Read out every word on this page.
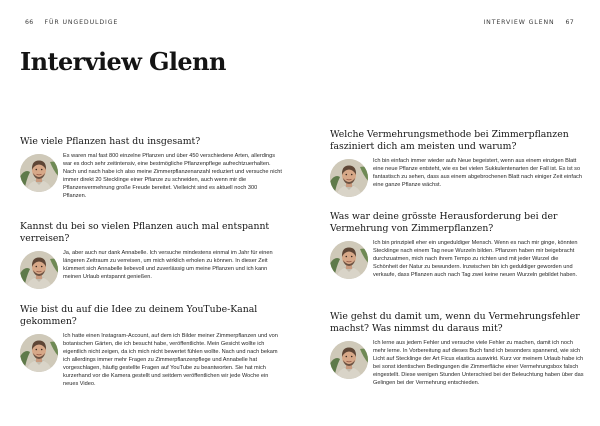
66 FÜR UNGEDULDIGE	INTERVIEW GLENN 67
Interview Glenn
Wie viele Pflanzen hast du insgesamt?

Es waren mal fast 800 einzelne Pflanzen und über 450 verschiedene Arten, allerdings war es doch sehr zeitintensiv, eine bestmögliche Pflanzenpflege aufrechtzuerhalten. Nach und nach habe ich also meine Zimmerpflanzenanzahl reduziert und versuche nicht immer direkt 20 Stecklinge einer Pflanze zu schneiden, auch wenn mir die Pflanzenvermehrung große Freude bereitet. Vielleicht sind es aktuell noch 300 Pflanzen.

Kannst du bei so vielen Pflanzen auch mal entspannt verreisen?

Ja, aber auch nur dank Annabelle. Ich versuche mindestens einmal im Jahr für einen längeren Zeitraum zu verreisen, um mich wirklich erholen zu können. In dieser Zeit kümmert sich Annabelle liebevoll und zuverlässig um meine Pflanzen und ich kann meinen Urlaub entspannt genießen.

Wie bist du auf die Idee zu deinem YouTube-Kanal gekommen?

Ich hatte einen Instagram-Account, auf dem ich Bilder meiner Zimmerpflanzen und von botanischen Gärten, die ich besucht habe, veröffentlichte. Mein Gesicht wollte ich eigentlich nicht zeigen, da ich mich nicht bewertet fühlen wollte. Nach und nach bekam ich allerdings immer mehr Fragen zu Zimmerpflanzenpflege und Annabelle hat vorgeschlagen, häufig gestellte Fragen auf YouTube zu beantworten. Sie hat mich kurzerhand vor die Kamera gestellt und seitdem veröffentlichen wir jede Woche ein neues Video.

Welche Vermehrungsmethode bei Zimmerpflanzen fasziniert dich am meisten und warum?

Ich bin einfach immer wieder aufs Neue begeistert, wenn aus einem einzigen Blatt eine neue Pflanze entsteht, wie es bei vielen Sukkulentenarten der Fall ist. Es ist so fantastisch zu sehen, dass aus einem abgebrochenen Blatt nach einiger Zeit einfach eine ganze Pflanze wächst.

Was war deine grösste Herausforderung bei der Vermehrung von Zimmerpflanzen?

Ich bin prinzipiell eher ein ungeduldiger Mensch. Wenn es nach mir ginge, könnten Stecklinge nach einem Tag neue Wurzeln bilden. Pflanzen haben mir beigebracht durchzuatmen, mich nach ihrem Tempo zu richten und mit jeder Wurzel die Schönheit der Natur zu bewundern. Inzwischen bin ich geduldiger geworden und verkaufe, dass Pflanzen auch nach Tag zwei keine neuen Wurzeln gebildet haben.

Wie gehst du damit um, wenn du Vermehrungsfehler machst? Was nimmst du daraus mit?

Ich lerne aus jedem Fehler und versuche viele Fehler zu machen, damit ich noch mehr lerne. In Vorbereitung auf dieses Buch fand ich besonders spannend, wie sich Licht auf Stecklinge der Art Ficus elastica auswirkt. Kurz vor meinem Urlaub habe ich bei sonst identischen Bedingungen die Zimmerfläche einer Vermehrungsbox falsch eingestellt. Diese wenigen Stunden Unterschied bei der Beleuchtung haben über das Gelingen bei der Vermehrung entschieden.
